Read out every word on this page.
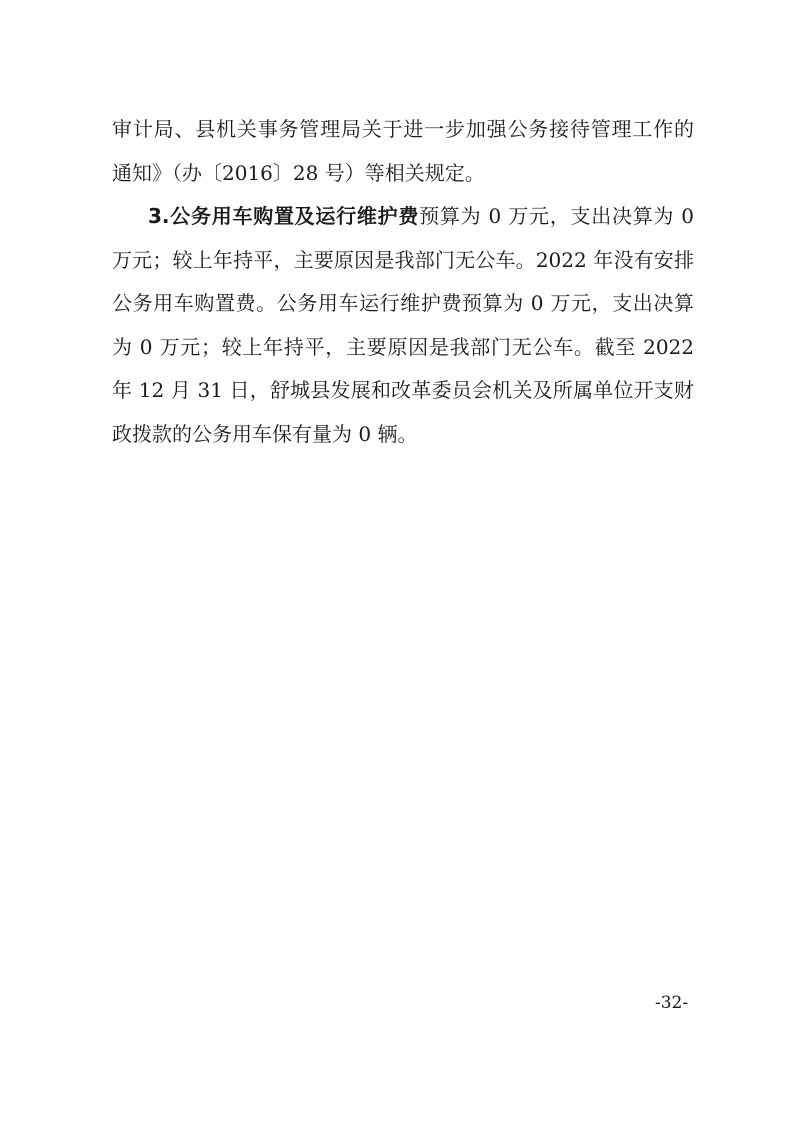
审计局、县机关事务管理局关于进一步加强公务接待管理工作的
通知》（办〔2016〕28 号）等相关规定。
3.公务用车购置及运行维护费预算为 0 万元，支出决算为 0
万元；较上年持平，主要原因是我部门无公车。2022 年没有安排
公务用车购置费。公务用车运行维护费预算为 0 万元，支出决算
为 0 万元；较上年持平，主要原因是我部门无公车。截至 2022
年 12 月 31 日，舒城县发展和改革委员会机关及所属单位开支财
政拨款的公务用车保有量为 0 辆。
-32-
